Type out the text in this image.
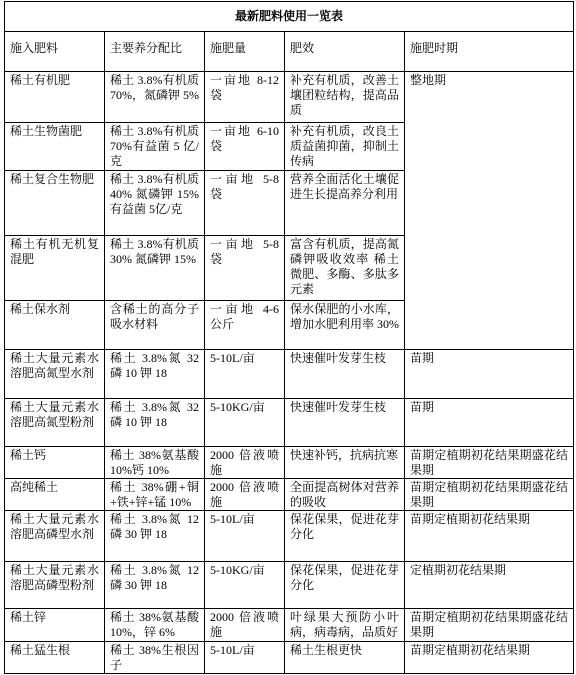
最新肥料使用一览表				
施入肥料	主要养分配比	施肥量	肥效	施肥时期
稀土有机肥	稀土 3.8%有机质 70%，氮磷钾 5%	一亩地 8-12 袋	补充有机质，改善土壤团粒结构，提高品质	整地期
稀土生物菌肥	稀土 3.8%有机质 70%有益菌 5 亿/克	一亩地 6-10 袋	补充有机质，改良土质益菌抑菌，抑制土传病	
稀土复合生物肥	稀土 3.8%有机质 40% 氮磷钾 15%有益菌 5亿/克	一亩地 5-8 袋	营养全面活化土壤促进生长提高养分利用	
稀土有机无机复混肥	稀土 3.8%有机质 30% 氮磷钾 15%	一亩地 5-8 袋	富含有机质，提高氮磷钾吸收效率 稀土微肥、多酶、多肽多元素	
稀土保水剂	含稀土的高分子吸水材料	一亩地 4-6 公斤	保水保肥的小水库，增加水肥利用率 30%	
稀土大量元素水溶肥高氮型水剂	稀土 3.8%氮 32 磷 10 钾 18	5-10L/亩	快速催叶发芽生枝	苗期
稀土大量元素水溶肥高氮型粉剂	稀土 3.8%氮 32 磷 10 钾 18	5-10KG/亩	快速催叶发芽生枝	苗期
稀土钙	稀土 38%氨基酸 10%钙 10%	2000 倍液喷施	快速补钙，抗病抗寒	苗期定植期初花结果期盛花结果期
高纯稀土	稀土 38%硼+铜+铁+锌+锰 10%	2000 倍液喷施	全面提高树体对营养的吸收	苗期定植期初花结果期盛花结果期
稀土大量元素水溶肥高磷型水剂	稀土 3.8%氮 12 磷 30 钾 18	5-10L/亩	保花保果，促进花芽分化	苗期定植期初花结果期
稀土大量元素水溶肥高磷型粉剂	稀土 3.8%氮 12 磷 30 钾 18	5-10KG/亩	保花保果，促进花芽分化	定植期初花结果期
稀土锌	稀土 38%氨基酸 10%，锌 6%	2000 倍液喷施	叶绿果大预防小叶病，病毒病，品质好	苗期定植期初花结果期盛花结果期
稀土猛生根	稀土 38%生根因子	5-10L/亩	稀土生根更快	苗期定植期初花结果期
